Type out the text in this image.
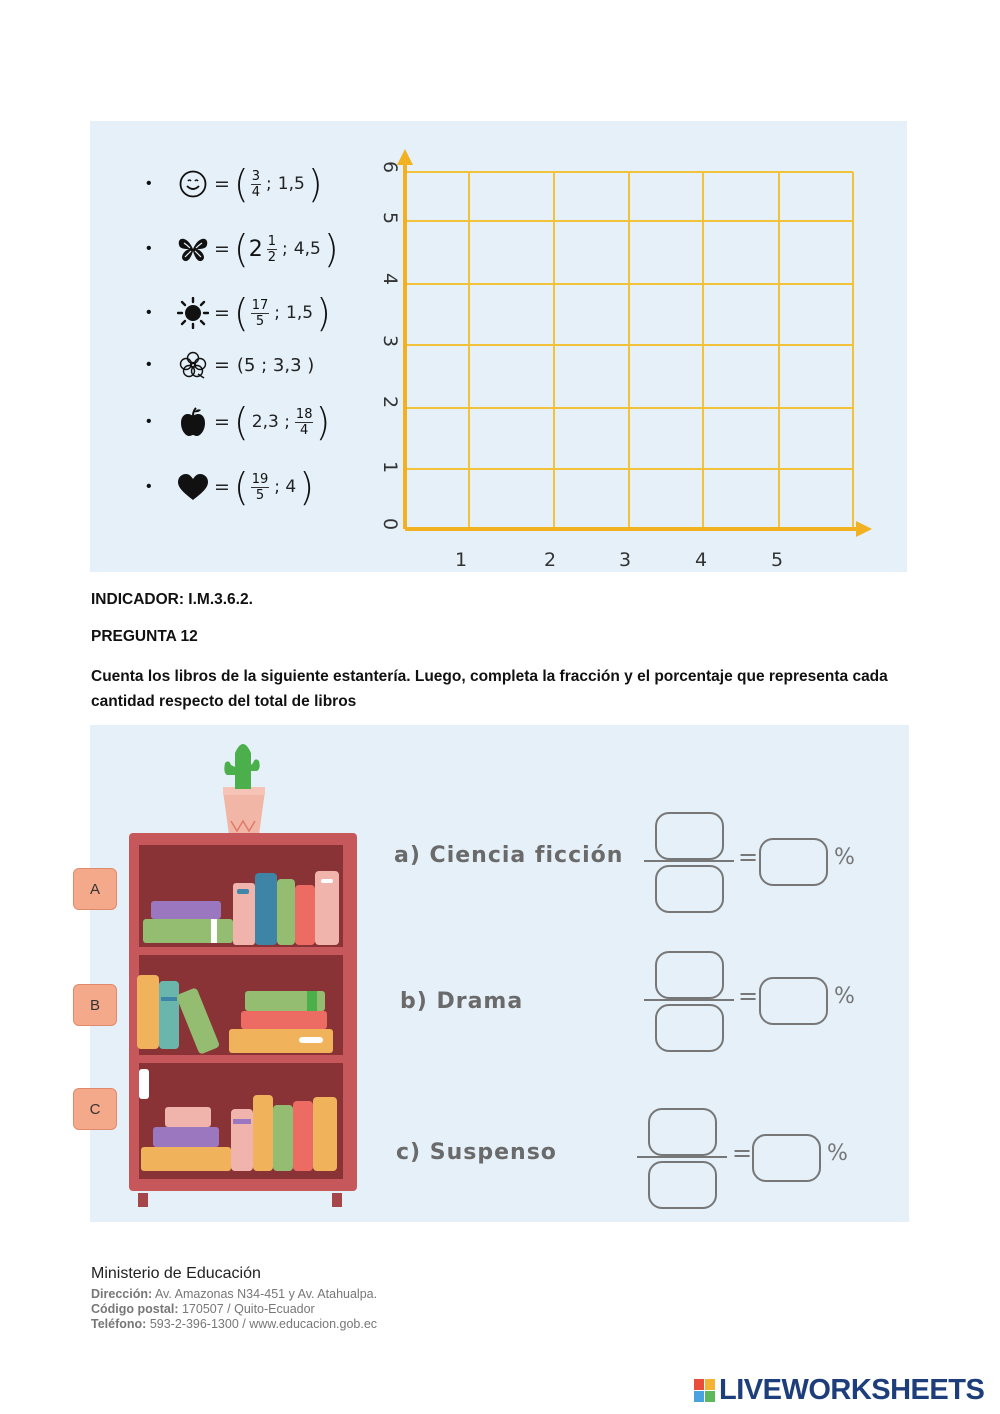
•	= ( $\frac{3}{4}$ ; 1,5 )
•	= ( $2 \frac{1}{2}$ ; 4,5 )
•	= ( $\frac{17}{5}$ ; 1,5 )
•	= (5 ; 3,3 )
•	= ( 2,3 ; $\frac{18}{4}$ )
•	= ( $\frac{19}{5}$ ; 4 )
1	2	3	4	5
0
1
2
3
4
5
6
INDICADOR: I.M.3.6.2.
PREGUNTA 12
Cuenta los libros de la siguiente estantería. Luego, completa la fracción y el porcentaje que representa cada cantidad respecto del total de libros
a) Ciencia ficción
b) Drama
c) Suspenso
=	%
=	%
=	%
A
B
C
Ministerio de Educación
Dirección: Av. Amazonas N34-451 y Av. Atahualpa.
Código postal: 170507 / Quito-Ecuador
Teléfono: 593-2-396-1300 / www.educacion.gob.ec
LIVEWORKSHEETS
